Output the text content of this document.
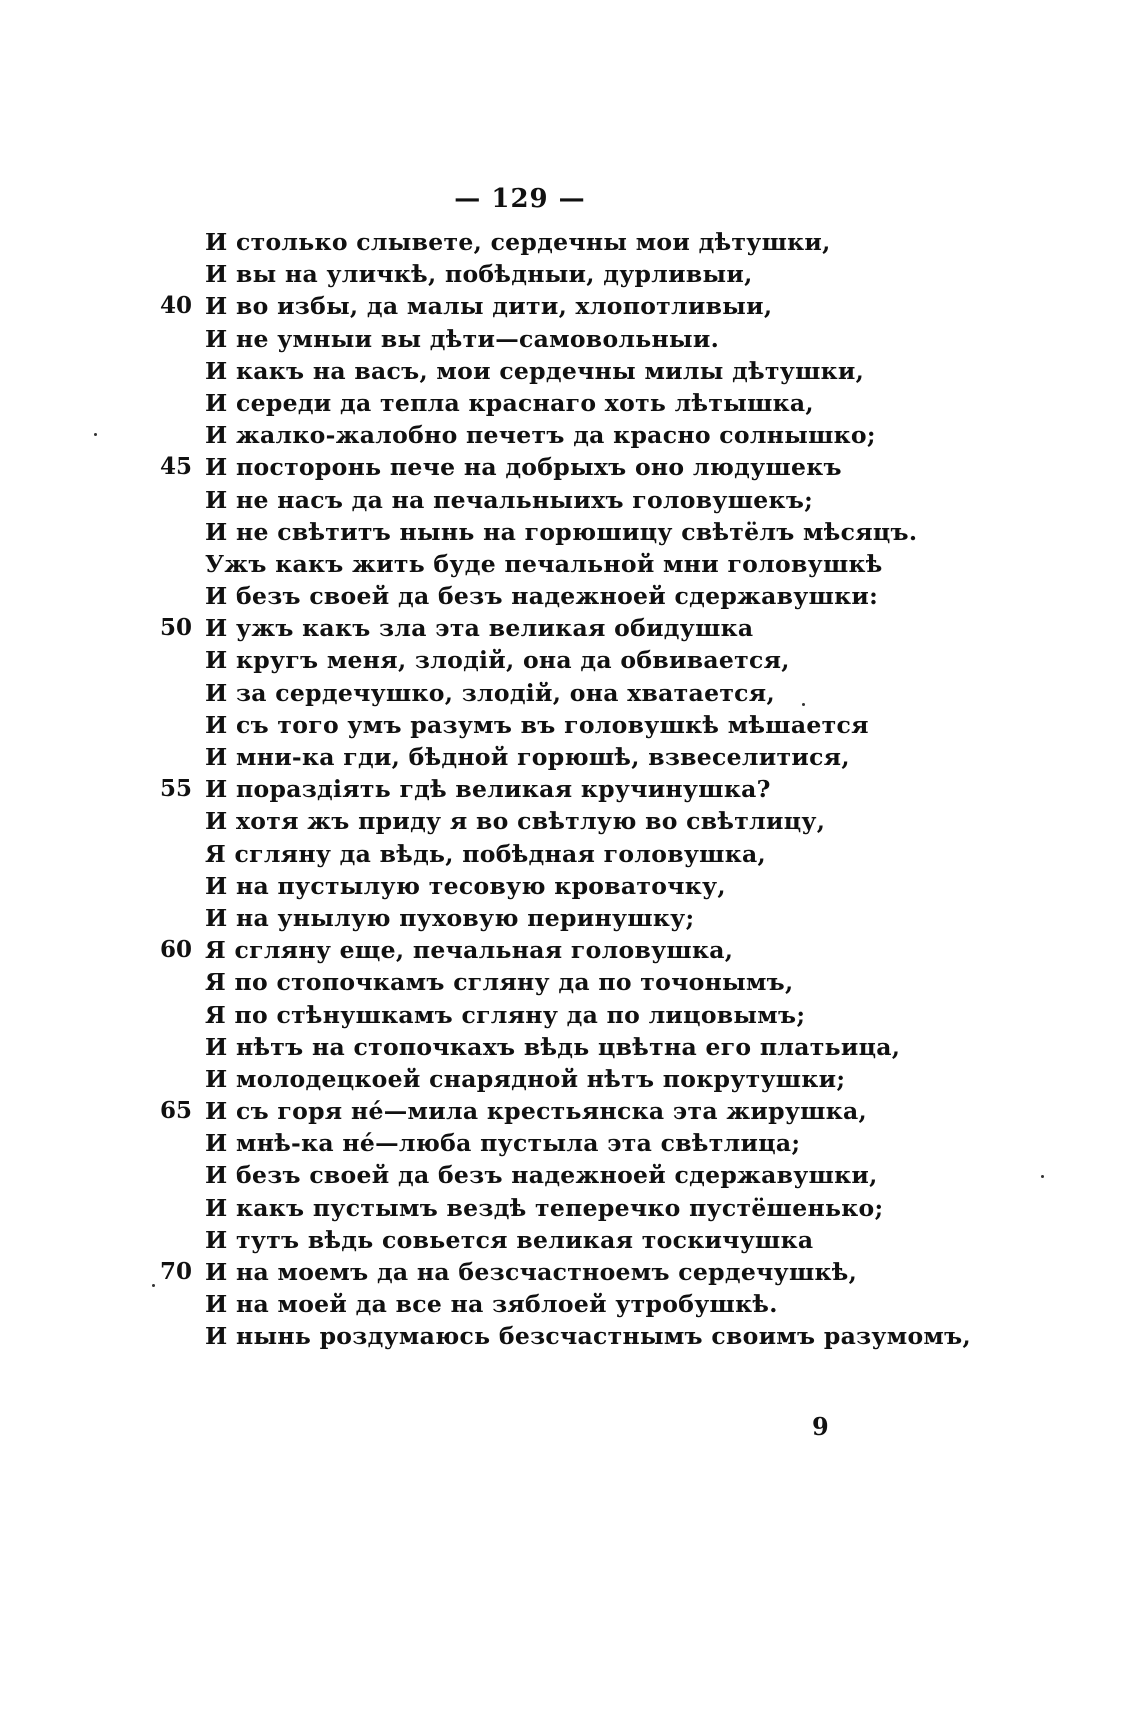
— 129 —
И столько слывете, сердечны мои дѣтушки,
И вы на уличкѣ, побѣдныи, дурливыи,
40 И во избы, да малы дити, хлопотливыи,
И не умныи вы дѣти—самовольныи.
И какъ на васъ, мои сердечны милы дѣтушки,
И середи да тепла краснаго хоть лѣтышка,
И жалко-жалобно печетъ да красно солнышко;
45 И посторонь пече на добрыхъ оно людушекъ
И не насъ да на печальныихъ головушекъ;
И не свѣтитъ нынь на горюшицу свѣтёлъ мѣсяцъ.
Ужъ какъ жить буде печальной мни головушкѣ
И безъ своей да безъ надежноей сдержавушки:
50 И ужъ какъ зла эта великая обидушка
И кругъ меня, злодій, она да обвивается,
И за сердечушко, злодій, она хватается,
И съ того умъ разумъ въ головушкѣ мѣшается
И мни-ка гди, бѣдной горюшѣ, взвеселитися,
55 И пораздіять гдѣ великая кручинушка?
И хотя жъ приду я во свѣтлую во свѣтлицу,
Я сгляну да вѣдь, побѣдная головушка,
И на пустылую тесовую кроваточку,
И на унылую пуховую перинушку;
60 Я сгляну еще, печальная головушка,
Я по стопочкамъ сгляну да по точонымъ,
Я по стѣнушкамъ сгляну да по лицовымъ;
И нѣтъ на стопочкахъ вѣдь цвѣтна его платьица,
И молодецкоей снарядной нѣтъ покрутушки;
65 И съ горя не́—мила крестьянска эта жирушка,
И мнѣ-ка не́—люба пустыла эта свѣтлица;
И безъ своей да безъ надежноей сдержавушки,
И какъ пустымъ вездѣ теперечко пустёшенько;
И тутъ вѣдь совьется великая тоскичушка
70 И на моемъ да на безсчастноемъ сердечушкѣ,
И на моей да все на зяблоей утробушкѣ.
И нынь роздумаюсь безсчастнымъ своимъ разумомъ,
9
